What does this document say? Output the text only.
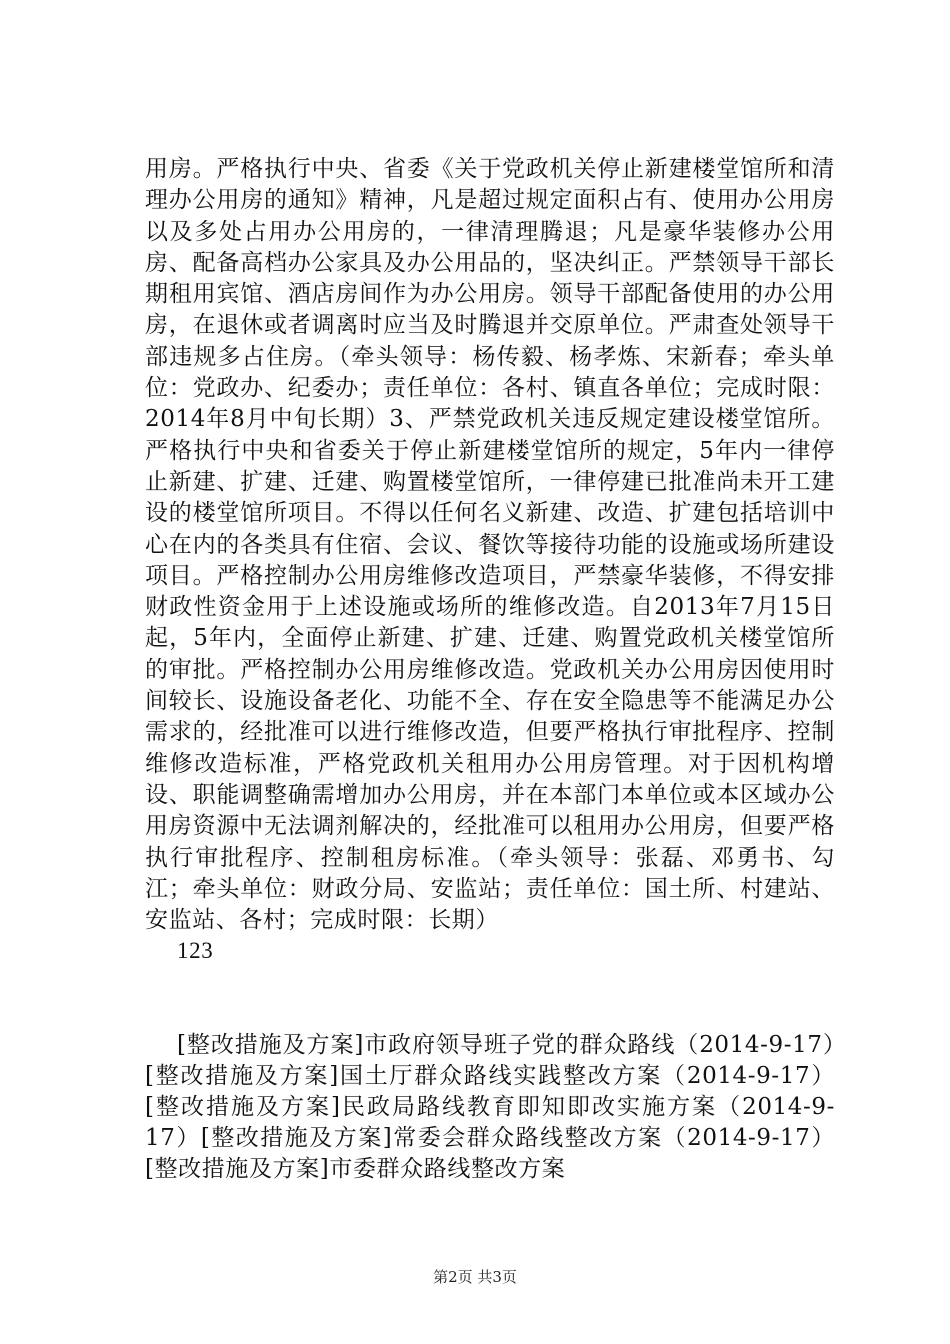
用房。严格执行中央、省委《关于党政机关停止新建楼堂馆所和清理办公用房的通知》精神，凡是超过规定面积占有、使用办公用房以及多处占用办公用房的，一律清理腾退；凡是豪华装修办公用房、配备高档办公家具及办公用品的，坚决纠正。严禁领导干部长期租用宾馆、酒店房间作为办公用房。领导干部配备使用的办公用房，在退休或者调离时应当及时腾退并交原单位。严肃查处领导干部违规多占住房。（牵头领导：杨传毅、杨孝炼、宋新春；牵头单位：党政办、纪委办；责任单位：各村、镇直各单位；完成时限：2014年8月中旬长期）3、严禁党政机关违反规定建设楼堂馆所。严格执行中央和省委关于停止新建楼堂馆所的规定，5年内一律停止新建、扩建、迁建、购置楼堂馆所，一律停建已批准尚未开工建设的楼堂馆所项目。不得以任何名义新建、改造、扩建包括培训中心在内的各类具有住宿、会议、餐饮等接待功能的设施或场所建设项目。严格控制办公用房维修改造项目，严禁豪华装修，不得安排财政性资金用于上述设施或场所的维修改造。自2013年7月15日起，5年内，全面停止新建、扩建、迁建、购置党政机关楼堂馆所的审批。严格控制办公用房维修改造。党政机关办公用房因使用时间较长、设施设备老化、功能不全、存在安全隐患等不能满足办公需求的，经批准可以进行维修改造，但要严格执行审批程序、控制维修改造标准，严格党政机关租用办公用房管理。对于因机构增设、职能调整确需增加办公用房，并在本部门本单位或本区域办公用房资源中无法调剂解决的，经批准可以租用办公用房，但要严格执行审批程序、控制租房标准。（牵头领导：张磊、邓勇书、勾江；牵头单位：财政分局、安监站；责任单位：国土所、村建站、安监站、各村；完成时限：长期）

123

[整改措施及方案]市政府领导班子党的群众路线（2014-9-17）[整改措施及方案]国土厅群众路线实践整改方案（2014-9-17）[整改措施及方案]民政局路线教育即知即改实施方案（2014-9-17）[整改措施及方案]常委会群众路线整改方案（2014-9-17）[整改措施及方案]市委群众路线整改方案

第2页 共3页
